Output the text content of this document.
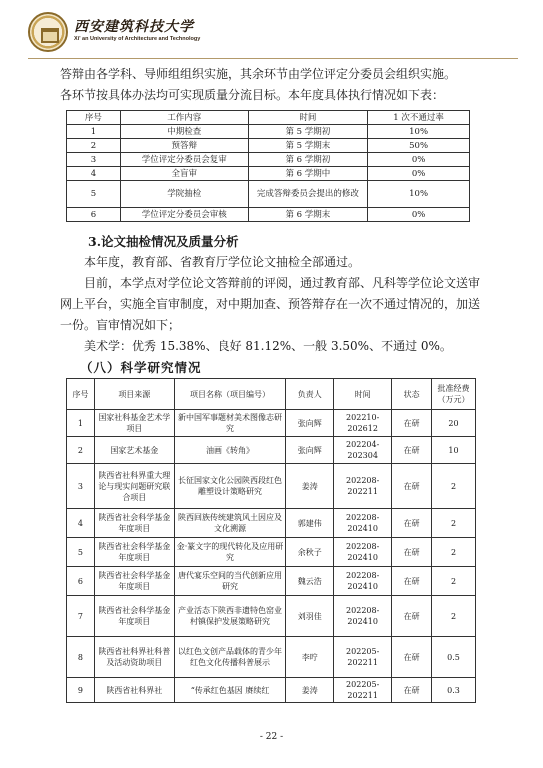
西安建筑科技大学
Xi' an University of Architecture and Technology

答辩由各学科、导师组组织实施，其余环节由学位评定分委员会组织实施。

各环节按具体办法均可实现质量分流目标。本年度具体执行情况如下表：

序号	工作内容	时间	1 次不通过率
1	中期检查	第 5 学期初	10%
2	预答辩	第 5 学期末	50%
3	学位评定分委员会复审	第 6 学期初	0%
4	全盲审	第 6 学期中	0%
5	学院抽检	完成答辩委员会提出的修改	10%
6	学位评定分委员会审核	第 6 学期末	0%
3.论文抽检情况及质量分析

本年度，教育部、省教育厅学位论文抽检全部通过。

目前，本学点对学位论文答辩前的评阅，通过教育部、凡科等学位论文送审网上平台，实施全盲审制度，对中期加查、预答辩存在一次不通过情况的，加送一份。盲审情况如下；

美术学：优秀 15.38%、良好 81.12%、一般 3.50%、不通过 0%。

（八）科学研究情况
序号	项目来源	项目名称（项目编号）	负责人	时间	状态	批准经费（万元）
1	国家社科基金艺术学项目	新中国军事题材美术图像志研究	张向辉	202210-202612	在研	20
2	国家艺术基金	油画《转角》	张向辉	202204-202304	在研	10
3	陕西省社科界重大理论与现实问题研究联合项目	长征国家文化公园陕西段红色雕塑设计策略研究	姜涛	202208-202211	在研	2
4	陕西省社会科学基金年度项目	陕西回族传统建筑风土因应及文化溯源	郭建伟	202208-202410	在研	2
5	陕西省社会科学基金年度项目	金·篆文字的现代转化及应用研究	余秋子	202208-202410	在研	2
6	陕西省社会科学基金年度项目	唐代宴乐空间的当代创新应用研究	魏云浩	202208-202410	在研	2
7	陕西省社会科学基金年度项目	产业活态下陕西非遗特色窑业村镇保护发展策略研究	刘羽佳	202208-202410	在研	2
8	陕西省社科界社科普及活动资助项目	以红色文创产品载体的青少年红色文化传播科普展示	李咛	202205-202211	在研	0.5
9	陕西省社科界社	“传承红色基因 赓续红	姜涛	202205-202211	在研	0.3
- 22 -
